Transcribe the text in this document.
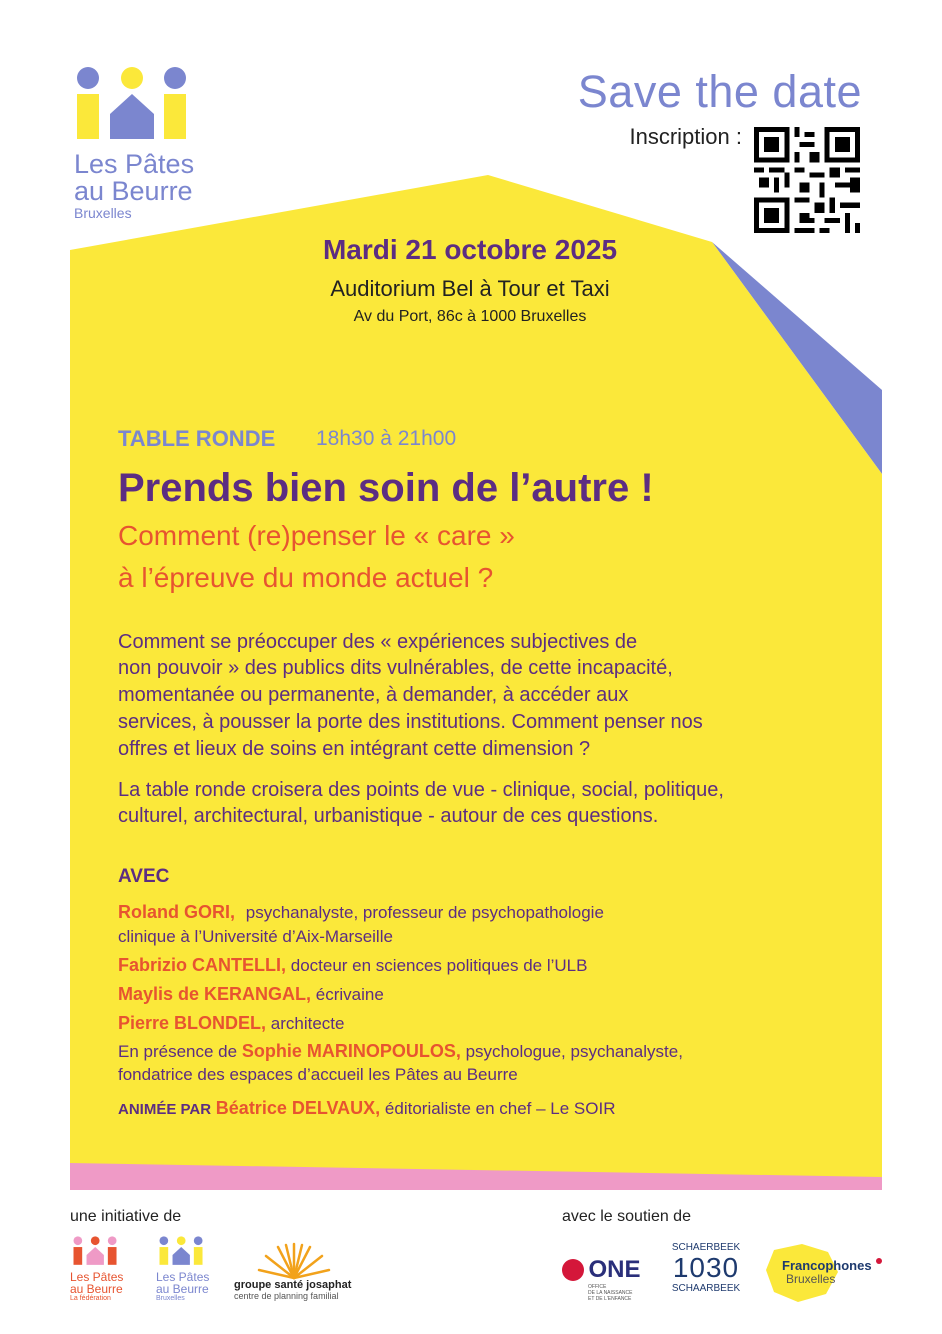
Les Pâtes
au Beurre
Bruxelles
Save the date
Inscription :
Mardi 21 octobre 2025
Auditorium Bel à Tour et Taxi
Av du Port, 86c à 1000 Bruxelles
TABLE RONDE 18h30 à 21h00
Prends bien soin de l’autre !
Comment (re)penser le « care »
à l’épreuve du monde actuel ?
Comment se préoccuper des « expériences subjectives de
non pouvoir » des publics dits vulnérables, de cette incapacité,
momentanée ou permanente, à demander, à accéder aux
services, à pousser la porte des institutions. Comment penser nos
offres et lieux de soins en intégrant cette dimension ?
La table ronde croisera des points de vue - clinique, social, politique,
culturel, architectural, urbanistique - autour de ces questions.
AVEC
Roland GORI, psychanalyste, professeur de psychopathologie
clinique à l’Université d’Aix-Marseille
Fabrizio CANTELLI, docteur en sciences politiques de l’ULB
Maylis de KERANGAL, écrivaine
Pierre BLONDEL, architecte
En présence de Sophie MARINOPOULOS, psychologue, psychanalyste,
fondatrice des espaces d’accueil les Pâtes au Beurre
ANIMÉE PAR Béatrice DELVAUX, éditorialiste en chef – Le SOIR
une initiative de	avec le soutien de
Les Pâtes
au Beurre
La fédération
Les Pâtes
au Beurre
Bruxelles
groupe santé josaphat
centre de planning familial
ONE
OFFICE
DE LA NAISSANCE
ET DE L'ENFANCE
SCHAERBEEK
1030
SCHAARBEEK
Francophones
Bruxelles
